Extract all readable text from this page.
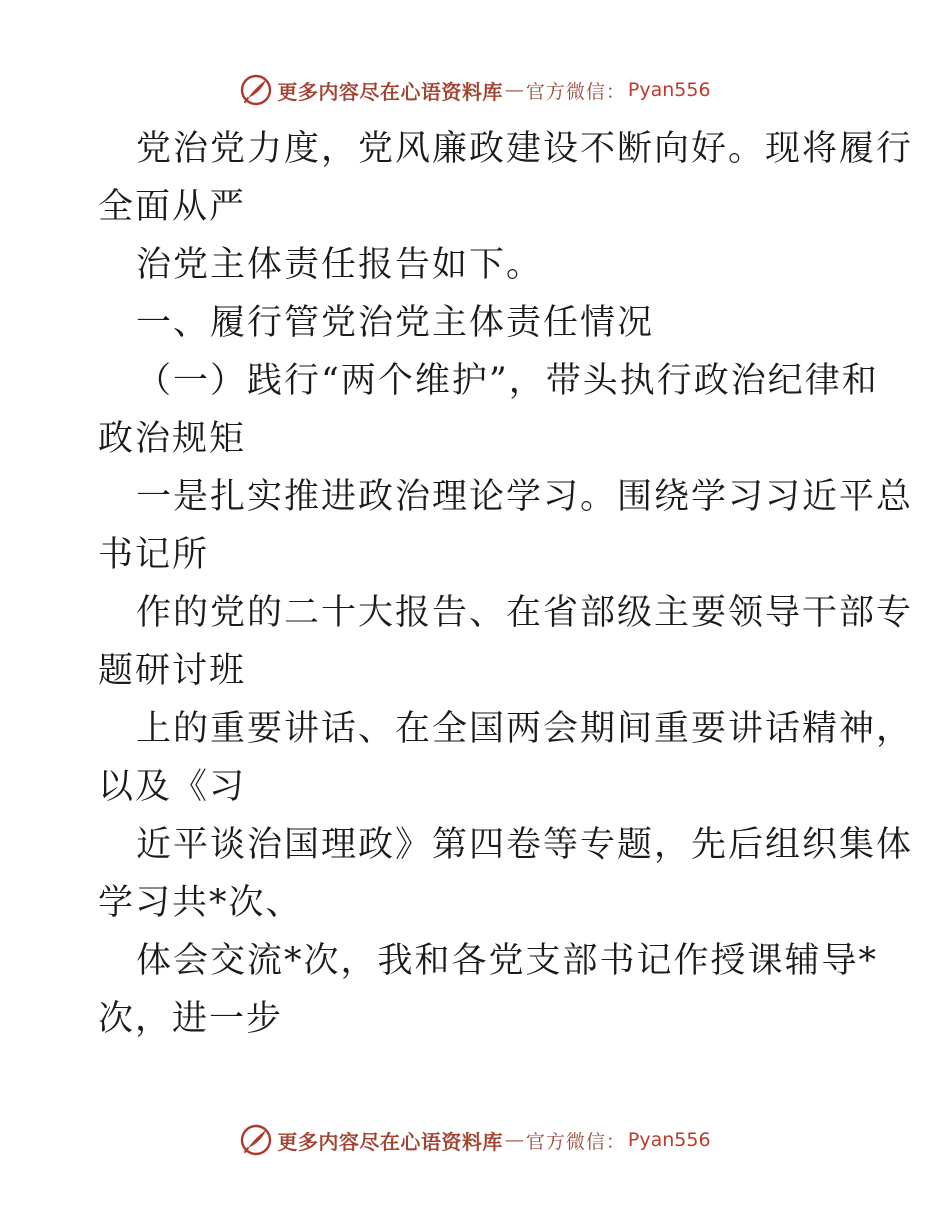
更多内容尽在心语资料库 — 官方微信： Pyan556
党治党力度，党风廉政建设不断向好。现将履行
全面从严
治党主体责任报告如下。
一、履行管党治党主体责任情况
（一）践行“两个维护”，带头执行政治纪律和
政治规矩
一是扎实推进政治理论学习。围绕学习习近平总
书记所
作的党的二十大报告、在省部级主要领导干部专
题研讨班
上的重要讲话、在全国两会期间重要讲话精神，
以及《习
近平谈治国理政》第四卷等专题，先后组织集体
学习共*次、
体会交流*次，我和各党支部书记作授课辅导*
次，进一步
更多内容尽在心语资料库 — 官方微信： Pyan556
